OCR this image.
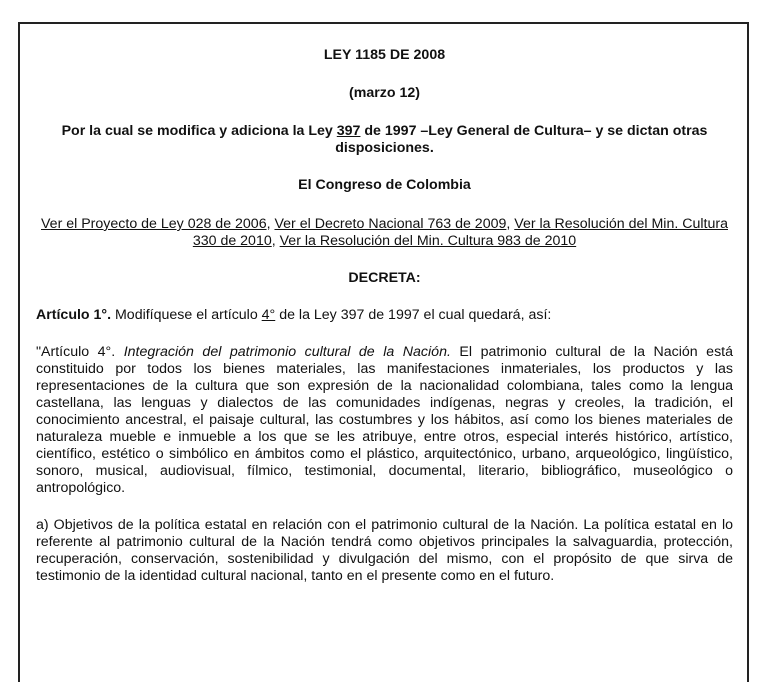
LEY 1185 DE 2008

(marzo 12)

Por la cual se modifica y adiciona la Ley 397 de 1997 –Ley General de Cultura– y se dictan otras disposiciones.

El Congreso de Colombia

Ver el Proyecto de Ley 028 de 2006, Ver el Decreto Nacional 763 de 2009, Ver la Resolución del Min. Cultura 330 de 2010, Ver la Resolución del Min. Cultura 983 de 2010

DECRETA:

Artículo 1°. Modifíquese el artículo 4° de la Ley 397 de 1997 el cual quedará, así:

"Artículo 4°. Integración del patrimonio cultural de la Nación. El patrimonio cultural de la Nación está constituido por todos los bienes materiales, las manifestaciones inmateriales, los productos y las representaciones de la cultura que son expresión de la nacionalidad colombiana, tales como la lengua castellana, las lenguas y dialectos de las comunidades indígenas, negras y creoles, la tradición, el conocimiento ancestral, el paisaje cultural, las costumbres y los hábitos, así como los bienes materiales de naturaleza mueble e inmueble a los que se les atribuye, entre otros, especial interés histórico, artístico, científico, estético o simbólico en ámbitos como el plástico, arquitectónico, urbano, arqueológico, lingüístico, sonoro, musical, audiovisual, fílmico, testimonial, documental, literario, bibliográfico, museológico o antropológico.

a) Objetivos de la política estatal en relación con el patrimonio cultural de la Nación. La política estatal en lo referente al patrimonio cultural de la Nación tendrá como objetivos principales la salvaguardia, protección, recuperación, conservación, sostenibilidad y divulgación del mismo, con el propósito de que sirva de testimonio de la identidad cultural nacional, tanto en el presente como en el futuro.
